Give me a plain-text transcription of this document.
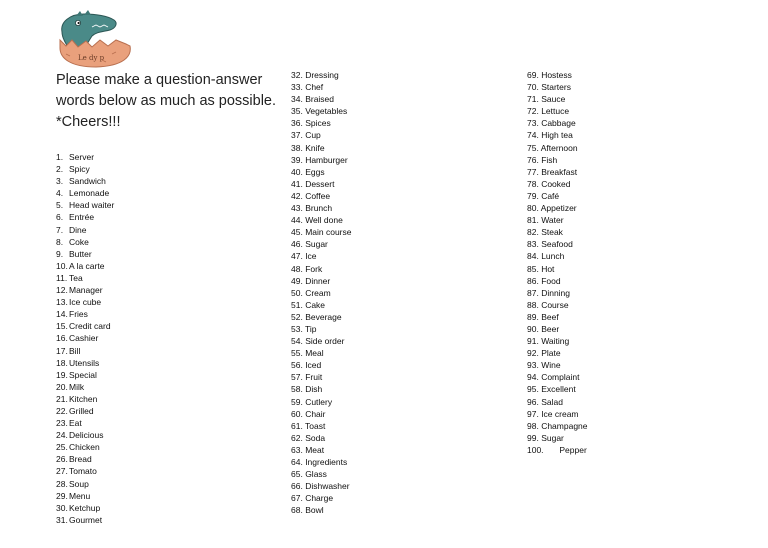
Le dy p
Please make a question-answer words below as much as possible. *Cheers!!!
1. Server
2. Spicy
3. Sandwich
4. Lemonade
5. Head waiter
6. Entrée
7. Dine
8. Coke
9. Butter
10.A la carte
11. Tea
12.Manager
13.Ice cube
14.Fries
15.Credit card
16.Cashier
17.Bill
18.Utensils
19.Special
20.Milk
21.Kitchen
22.Grilled
23.Eat
24.Delicious
25.Chicken
26.Bread
27.Tomato
28.Soup
29.Menu
30.Ketchup
31.Gourmet
32. Dressing
33. Chef
34. Braised
35. Vegetables
36. Spices
37. Cup
38. Knife
39. Hamburger
40. Eggs
41. Dessert
42. Coffee
43. Brunch
44. Well done
45. Main course
46. Sugar
47. Ice
48. Fork
49. Dinner
50. Cream
51. Cake
52. Beverage
53. Tip
54. Side order
55. Meal
56. Iced
57. Fruit
58. Dish
59. Cutlery
60. Chair
61. Toast
62. Soda
63. Meat
64. Ingredients
65. Glass
66. Dishwasher
67. Charge
68. Bowl
69. Hostess
70. Starters
71. Sauce
72. Lettuce
73. Cabbage
74. High tea
75. Afternoon
76. Fish
77. Breakfast
78. Cooked
79. Café
80. Appetizer
81. Water
82. Steak
83. Seafood
84. Lunch
85. Hot
86. Food
87. Dinning
88. Course
89. Beef
90. Beer
91. Waiting
92. Plate
93. Wine
94. Complaint
95. Excellent
96. Salad
97. Ice cream
98. Champagne
99. Sugar
100. Pepper
